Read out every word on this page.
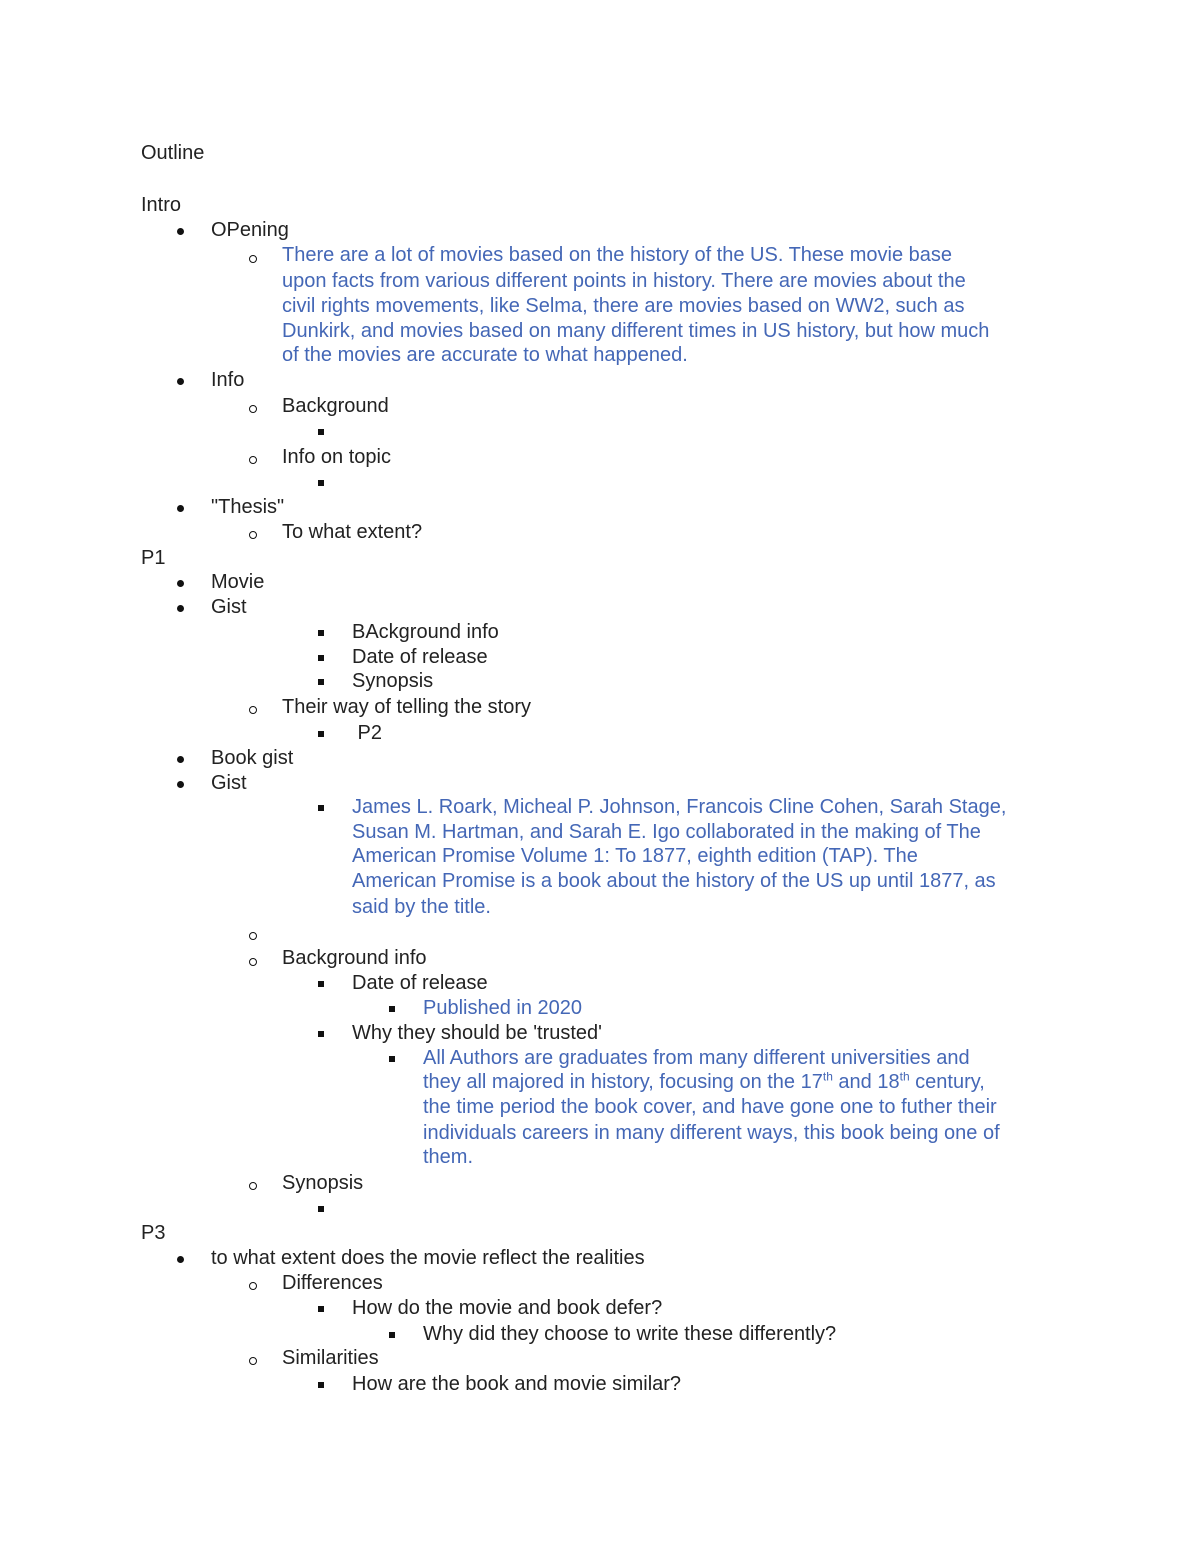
Outline
Intro
OPening
There are a lot of movies based on the history of the US. These movie base
upon facts from various different points in history. There are movies about the
civil rights movements, like Selma, there are movies based on WW2, such as
Dunkirk, and movies based on many different times in US history, but how much
of the movies are accurate to what happened.
Info
Background
Info on topic
"Thesis"
To what extent?
P1
Movie
Gist
BAckground info
Date of release
Synopsis
Their way of telling the story
P2
Book gist
Gist
James L. Roark, Micheal P. Johnson, Francois Cline Cohen, Sarah Stage,
Susan M. Hartman, and Sarah E. Igo collaborated in the making of The
American Promise Volume 1: To 1877, eighth edition (TAP). The
American Promise is a book about the history of the US up until 1877, as
said by the title.
Background info
Date of release
Published in 2020
Why they should be 'trusted'
All Authors are graduates from many different universities and
they all majored in history, focusing on the 17th and 18th century,
the time period the book cover, and have gone one to futher their
individuals careers in many different ways, this book being one of
them.
Synopsis
P3
to what extent does the movie reflect the realities
Differences
How do the movie and book defer?
Why did they choose to write these differently?
Similarities
How are the book and movie similar?
